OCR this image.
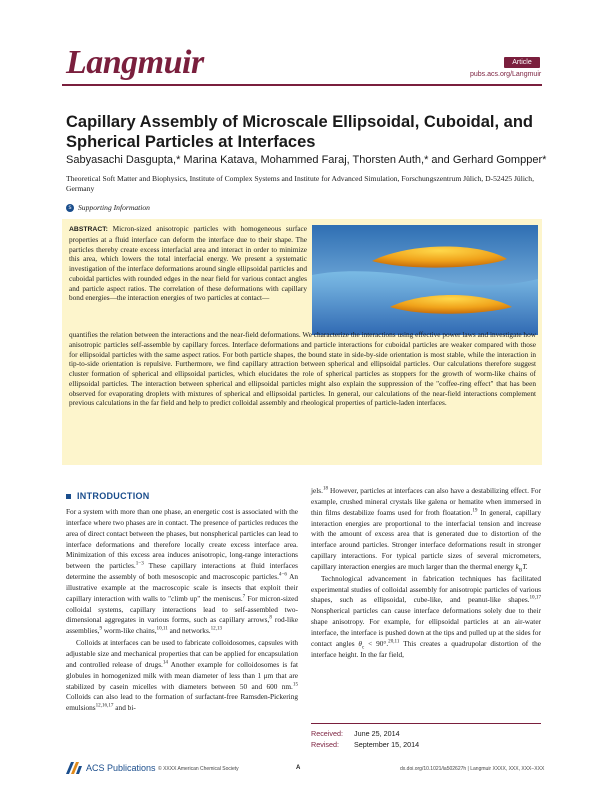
Langmuir	Article
pubs.acs.org/Langmuir
Capillary Assembly of Microscale Ellipsoidal, Cuboidal, and Spherical Particles at Interfaces
Sabyasachi Dasgupta,* Marina Katava, Mohammed Faraj, Thorsten Auth,* and Gerhard Gompper*
Theoretical Soft Matter and Biophysics, Institute of Complex Systems and Institute for Advanced Simulation, Forschungszentrum Jülich, D-52425 Jülich, Germany
s Supporting Information
ABSTRACT: Micron-sized anisotropic particles with homogeneous surface properties at a fluid interface can deform the interface due to their shape. The particles thereby create excess interfacial area and interact in order to minimize this area, which lowers the total interfacial energy. We present a systematic investigation of the interface deformations around single ellipsoidal particles and cuboidal particles with rounded edges in the near field for various contact angles and particle aspect ratios. The correlation of these deformations with capillary bond energies—the interaction energies of two particles at contact—
quantifies the relation between the interactions and the near-field deformations. We characterize the interactions using effective power laws and investigate how anisotropic particles self-assemble by capillary forces. Interface deformations and particle interactions for cuboidal particles are weaker compared with those for ellipsoidal particles with the same aspect ratios. For both particle shapes, the bound state in side-by-side orientation is most stable, while the interaction in tip-to-side orientation is repulsive. Furthermore, we find capillary attraction between spherical and ellipsoidal particles. Our calculations therefore suggest cluster formation of spherical and ellipsoidal particles, which elucidates the role of spherical particles as stoppers for the growth of worm-like chains of ellipsoidal particles. The interaction between spherical and ellipsoidal particles might also explain the suppression of the "coffee-ring effect" that has been observed for evaporating droplets with mixtures of spherical and ellipsoidal particles. In general, our calculations of the near-field interactions complement previous calculations in the far field and help to predict colloidal assembly and rheological properties of particle-laden interfaces.
INTRODUCTION

For a system with more than one phase, an energetic cost is associated with the interface where two phases are in contact. The presence of particles reduces the area of direct contact between the phases, but nonspherical particles can lead to interface deformations and therefore locally create excess interface area. Minimization of this excess area induces anisotropic, long-range interactions between the particles.$^{1-3}$ These capillary interactions at fluid interfaces determine the assembly of both mesoscopic and macroscopic particles.$^{4-6}$ An illustrative example at the macroscopic scale is insects that exploit their capillary interaction with walls to "climb up" the meniscus.$^7$ For micron-sized colloidal systems, capillary interactions lead to self-assembled two-dimensional aggregates in various forms, such as capillary arrows,$^8$ rod-like assemblies,$^9$ worm-like chains,$^{10,11}$ and networks.$^{12,13}$

Colloids at interfaces can be used to fabricate colloidosomes, capsules with adjustable size and mechanical properties that can be applied for encapsulation and controlled release of drugs.$^{14}$ Another example for colloidosomes is fat globules in homogenized milk with mean diameter of less than 1 μm that are stabilized by casein micelles with diameters between 50 and 600 nm.$^{15}$ Colloids can also lead to the formation of surfactant-free Ramsden-Pickering emulsions$^{12,16,17}$ and bi-

jels.$^{18}$ However, particles at interfaces can also have a destabilizing effect. For example, crushed mineral crystals like galena or hematite when immersed in thin films destabilize foams used for froth floatation.$^{19}$ In general, capillary interaction energies are proportional to the interfacial tension and increase with the amount of excess area that is generated due to distortion of the interface around particles. Stronger interface deformations result in stronger capillary interactions. For typical particle sizes of several micrometers, capillary interaction energies are much larger than the thermal energy $k_BT$.

Technological advancement in fabrication techniques has facilitated experimental studies of colloidal assembly for anisotropic particles of various shapes, such as ellipsoidal, cube-like, and peanut-like shapes.$^{10,17}$ Nonspherical particles can cause interface deformations solely due to their shape anisotropy. For example, for ellipsoidal particles at an air-water interface, the interface is pushed down at the tips and pulled up at the sides for contact angles $\theta_c < 90^\circ.^{20,11}$ This creates a quadrupolar distortion of the interface height. In the far field,

Received:	June 25, 2014
Revised:	September 15, 2014
ACS Publications © XXXX American Chemical Society	A	dx.doi.org/10.1021/la502627h | Langmuir XXXX, XXX, XXX−XXX
